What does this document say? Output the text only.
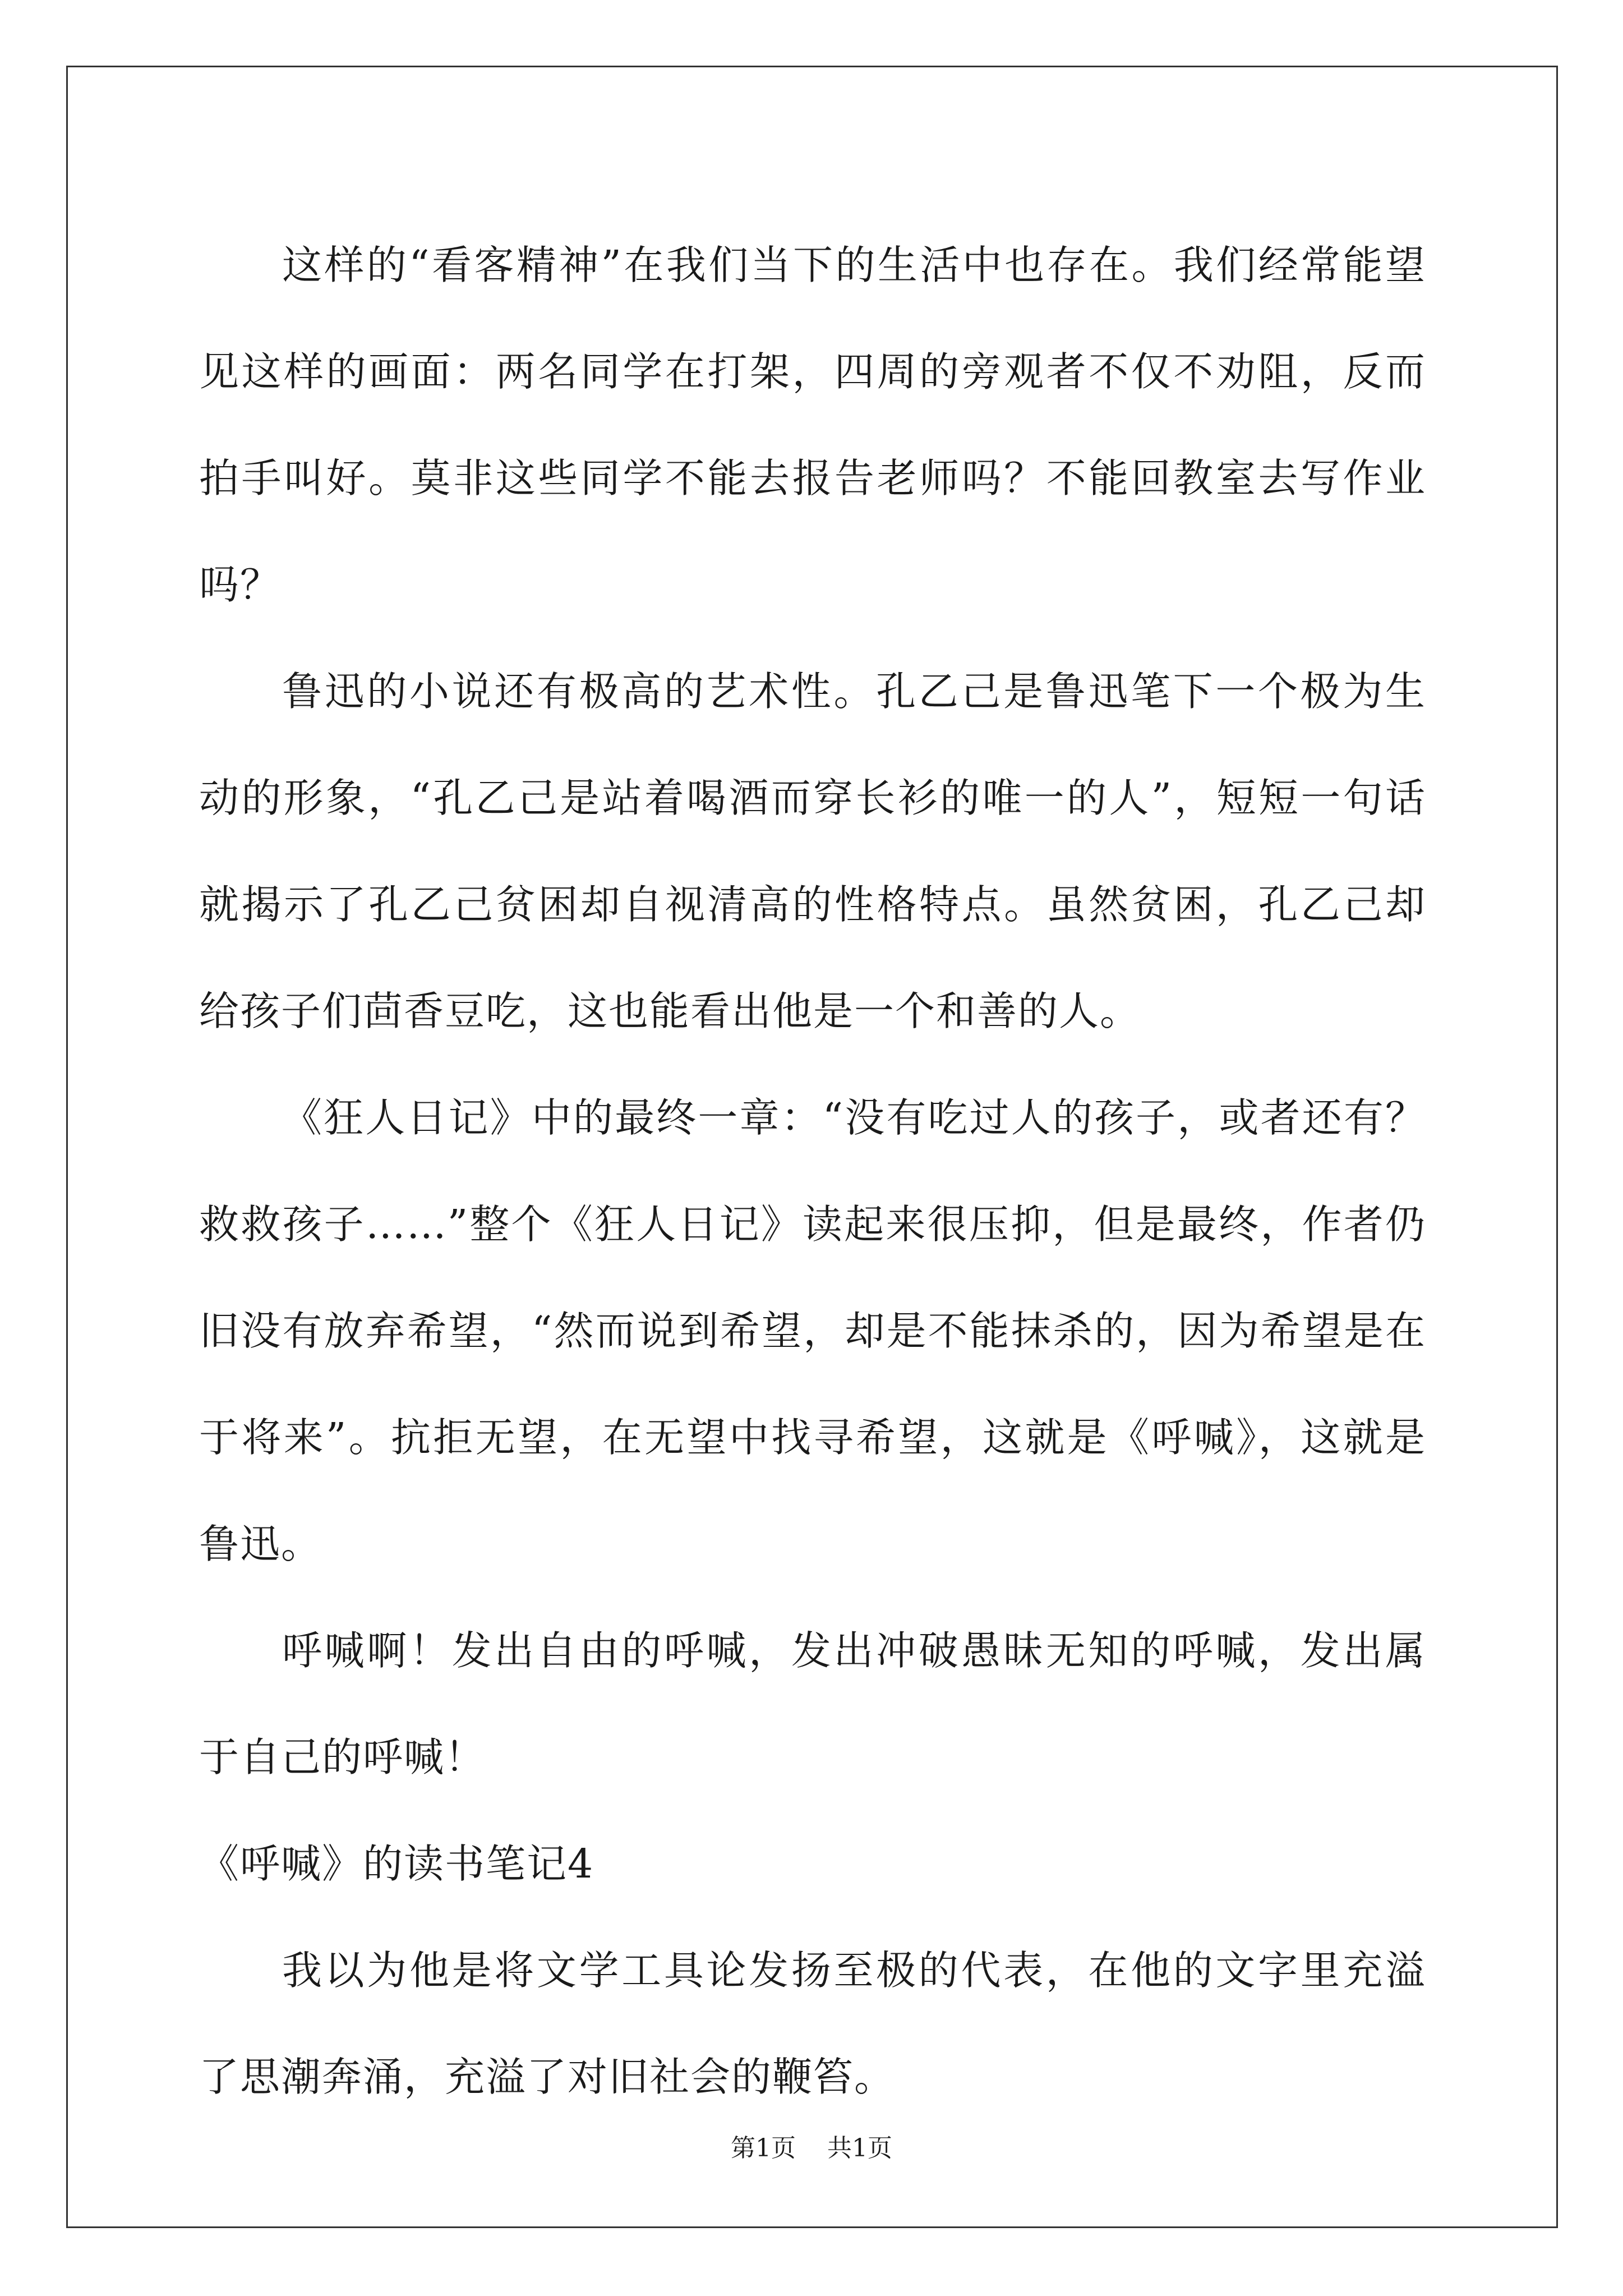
这样的“看客精神”在我们当下的生活中也存在。我们经常能望见这样的画面：两名同学在打架，四周的旁观者不仅不劝阻，反而拍手叫好。莫非这些同学不能去报告老师吗？不能回教室去写作业吗？

鲁迅的小说还有极高的艺术性。孔乙己是鲁迅笔下一个极为生动的形象，“孔乙己是站着喝酒而穿长衫的唯一的人”，短短一句话就揭示了孔乙己贫困却自视清高的性格特点。虽然贫困，孔乙己却给孩子们茴香豆吃，这也能看出他是一个和善的人。

《狂人日记》中的最终一章：“没有吃过人的孩子，或者还有？救救孩子……”整个《狂人日记》读起来很压抑，但是最终，作者仍旧没有放弃希望，“然而说到希望，却是不能抹杀的，因为希望是在于将来”。抗拒无望，在无望中找寻希望，这就是《呼喊》，这就是鲁迅。

呼喊啊！发出自由的呼喊，发出冲破愚昧无知的呼喊，发出属于自己的呼喊！

《呼喊》的读书笔记4

我以为他是将文学工具论发扬至极的代表，在他的文字里充溢了思潮奔涌，充溢了对旧社会的鞭笞。

第1页 共1页
